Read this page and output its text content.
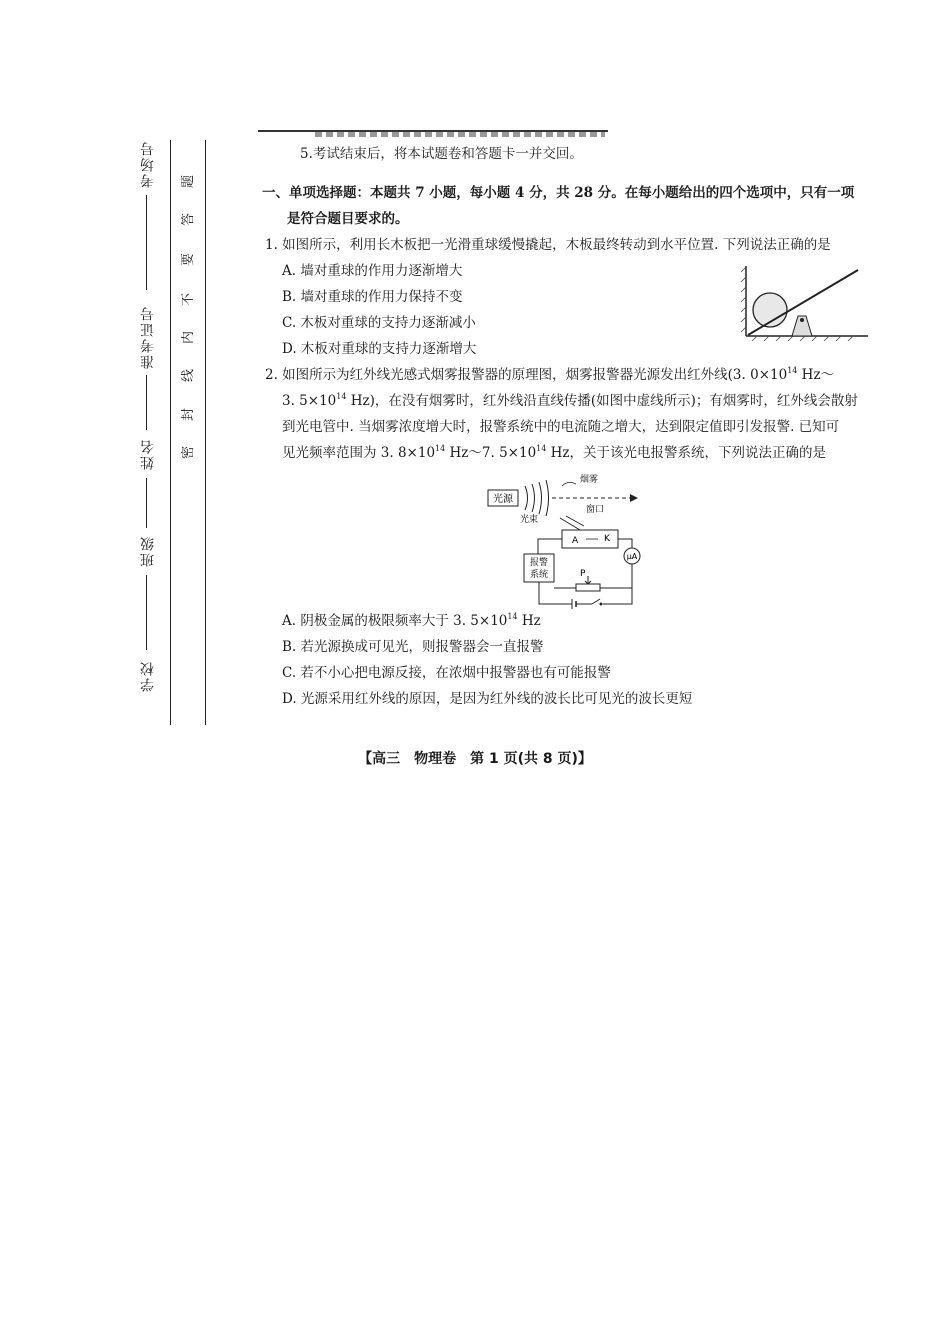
考场号
准考证号
姓名
班级
学校
题
答
要
不
内
线
封
密
5.考试结束后，将本试题卷和答题卡一并交回。
一、单项选择题：本题共 7 小题，每小题 4 分，共 28 分。在每小题给出的四个选项中，只有一项
是符合题目要求的。
1. 如图所示，利用长木板把一光滑重球缓慢撬起，木板最终转动到水平位置. 下列说法正确的是
A. 墙对重球的作用力逐渐增大
B. 墙对重球的作用力保持不变
C. 木板对重球的支持力逐渐减小
D. 木板对重球的支持力逐渐增大
2. 如图所示为红外线光感式烟雾报警器的原理图，烟雾报警器光源发出红外线(3. $0\times 10^{14}$ Hz～
3. $5\times 10^{14}$ Hz)，在没有烟雾时，红外线沿直线传播(如图中虚线所示)；有烟雾时，红外线会散射
到光电管中. 当烟雾浓度增大时，报警系统中的电流随之增大，达到限定值即引发报警. 已知可
见光频率范围为 3. $8\times 10^{14}$ Hz～7. $5\times 10^{14}$ Hz，关于该光电报警系统，下列说法正确的是
光源
烟雾
光束
窗口
A	K
μA
报警
系统	P
A. 阴极金属的极限频率大于 3. $5\times 10^{14}$ Hz
B. 若光源换成可见光，则报警器会一直报警
C. 若不小心把电源反接，在浓烟中报警器也有可能报警
D. 光源采用红外线的原因，是因为红外线的波长比可见光的波长更短
【高三　物理卷　第 1 页(共 8 页)】
